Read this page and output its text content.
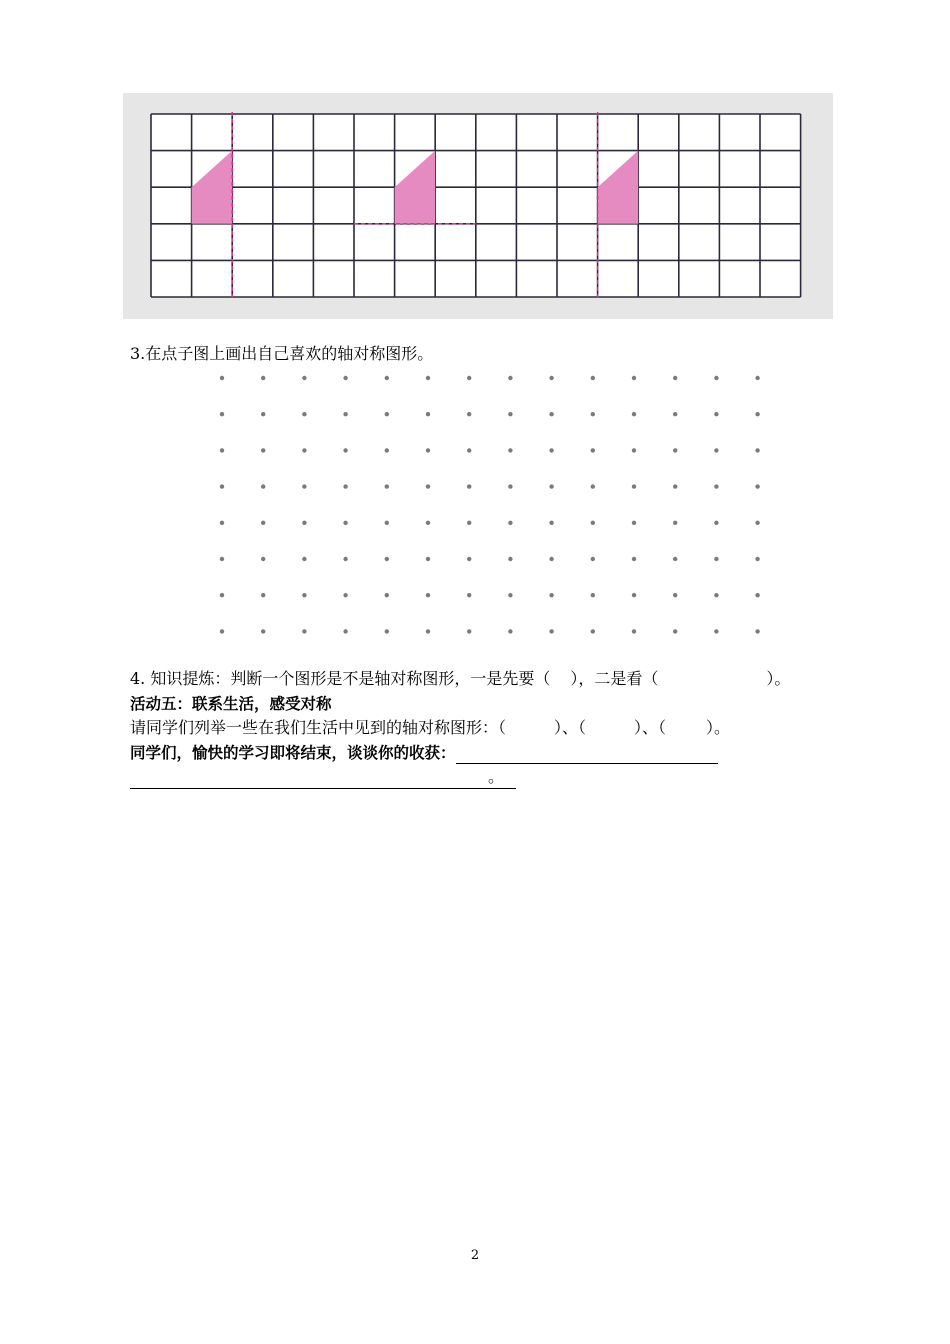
3.在点子图上画出自己喜欢的轴对称图形。
4. 知识提炼：判断一个图形是不是轴对称图形，一是先要（ ），二是看（	）。
活动五：联系生活，感受对称
请同学们列举一些在我们生活中见到的轴对称图形：（	）、（	）、（	）。
同学们，愉快的学习即将结束，谈谈你的收获：
。
2
